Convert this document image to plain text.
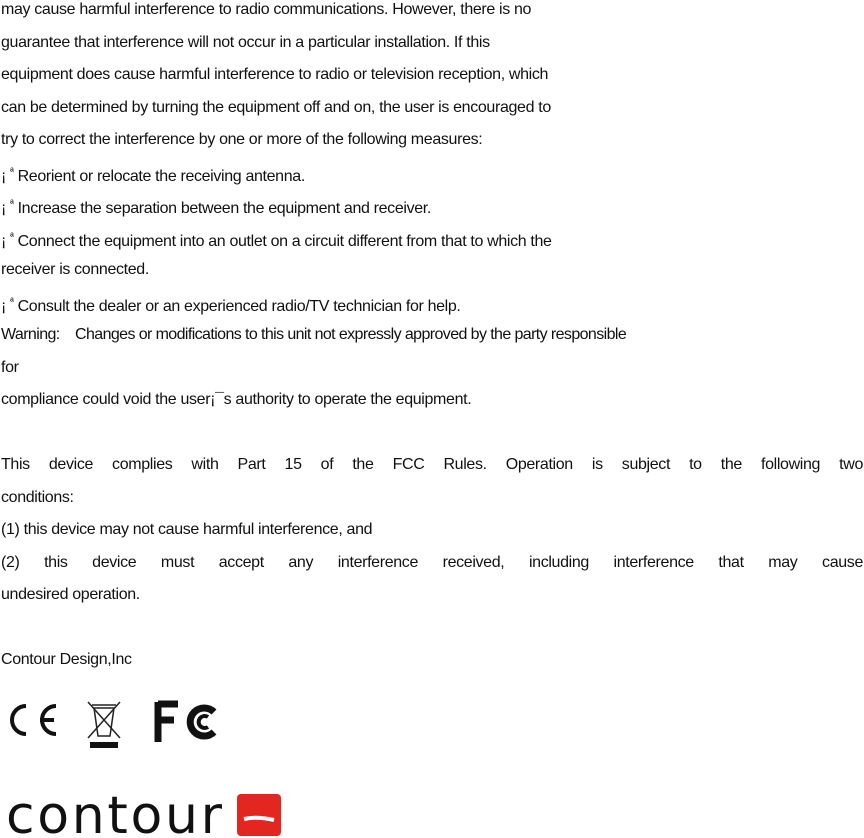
may cause harmful interference to radio communications. However, there is no
guarantee that interference will not occur in a particular installation. If this
equipment does cause harmful interference to radio or television reception, which
can be determined by turning the equipment off and on, the user is encouraged to
try to correct the interference by one or more of the following measures:
¡ $^ª$ Reorient or relocate the receiving antenna.
¡ $^ª$ Increase the separation between the equipment and receiver.
¡ $^ª$ Connect the equipment into an outlet on a circuit different from that to which the
receiver is connected.
¡ $^ª$ Consult the dealer or an experienced radio/TV technician for help.
Warning:    Changes or modifications to this unit not expressly approved by the party responsible
for
compliance could void the user¡¯s authority to operate the equipment.
This device complies with Part 15 of the FCC Rules. Operation is subject to the following two
conditions:
(1) this device may not cause harmful interference, and
(2) this device must accept any interference received, including interference that may cause
undesired operation.
Contour Design,Inc
contour
